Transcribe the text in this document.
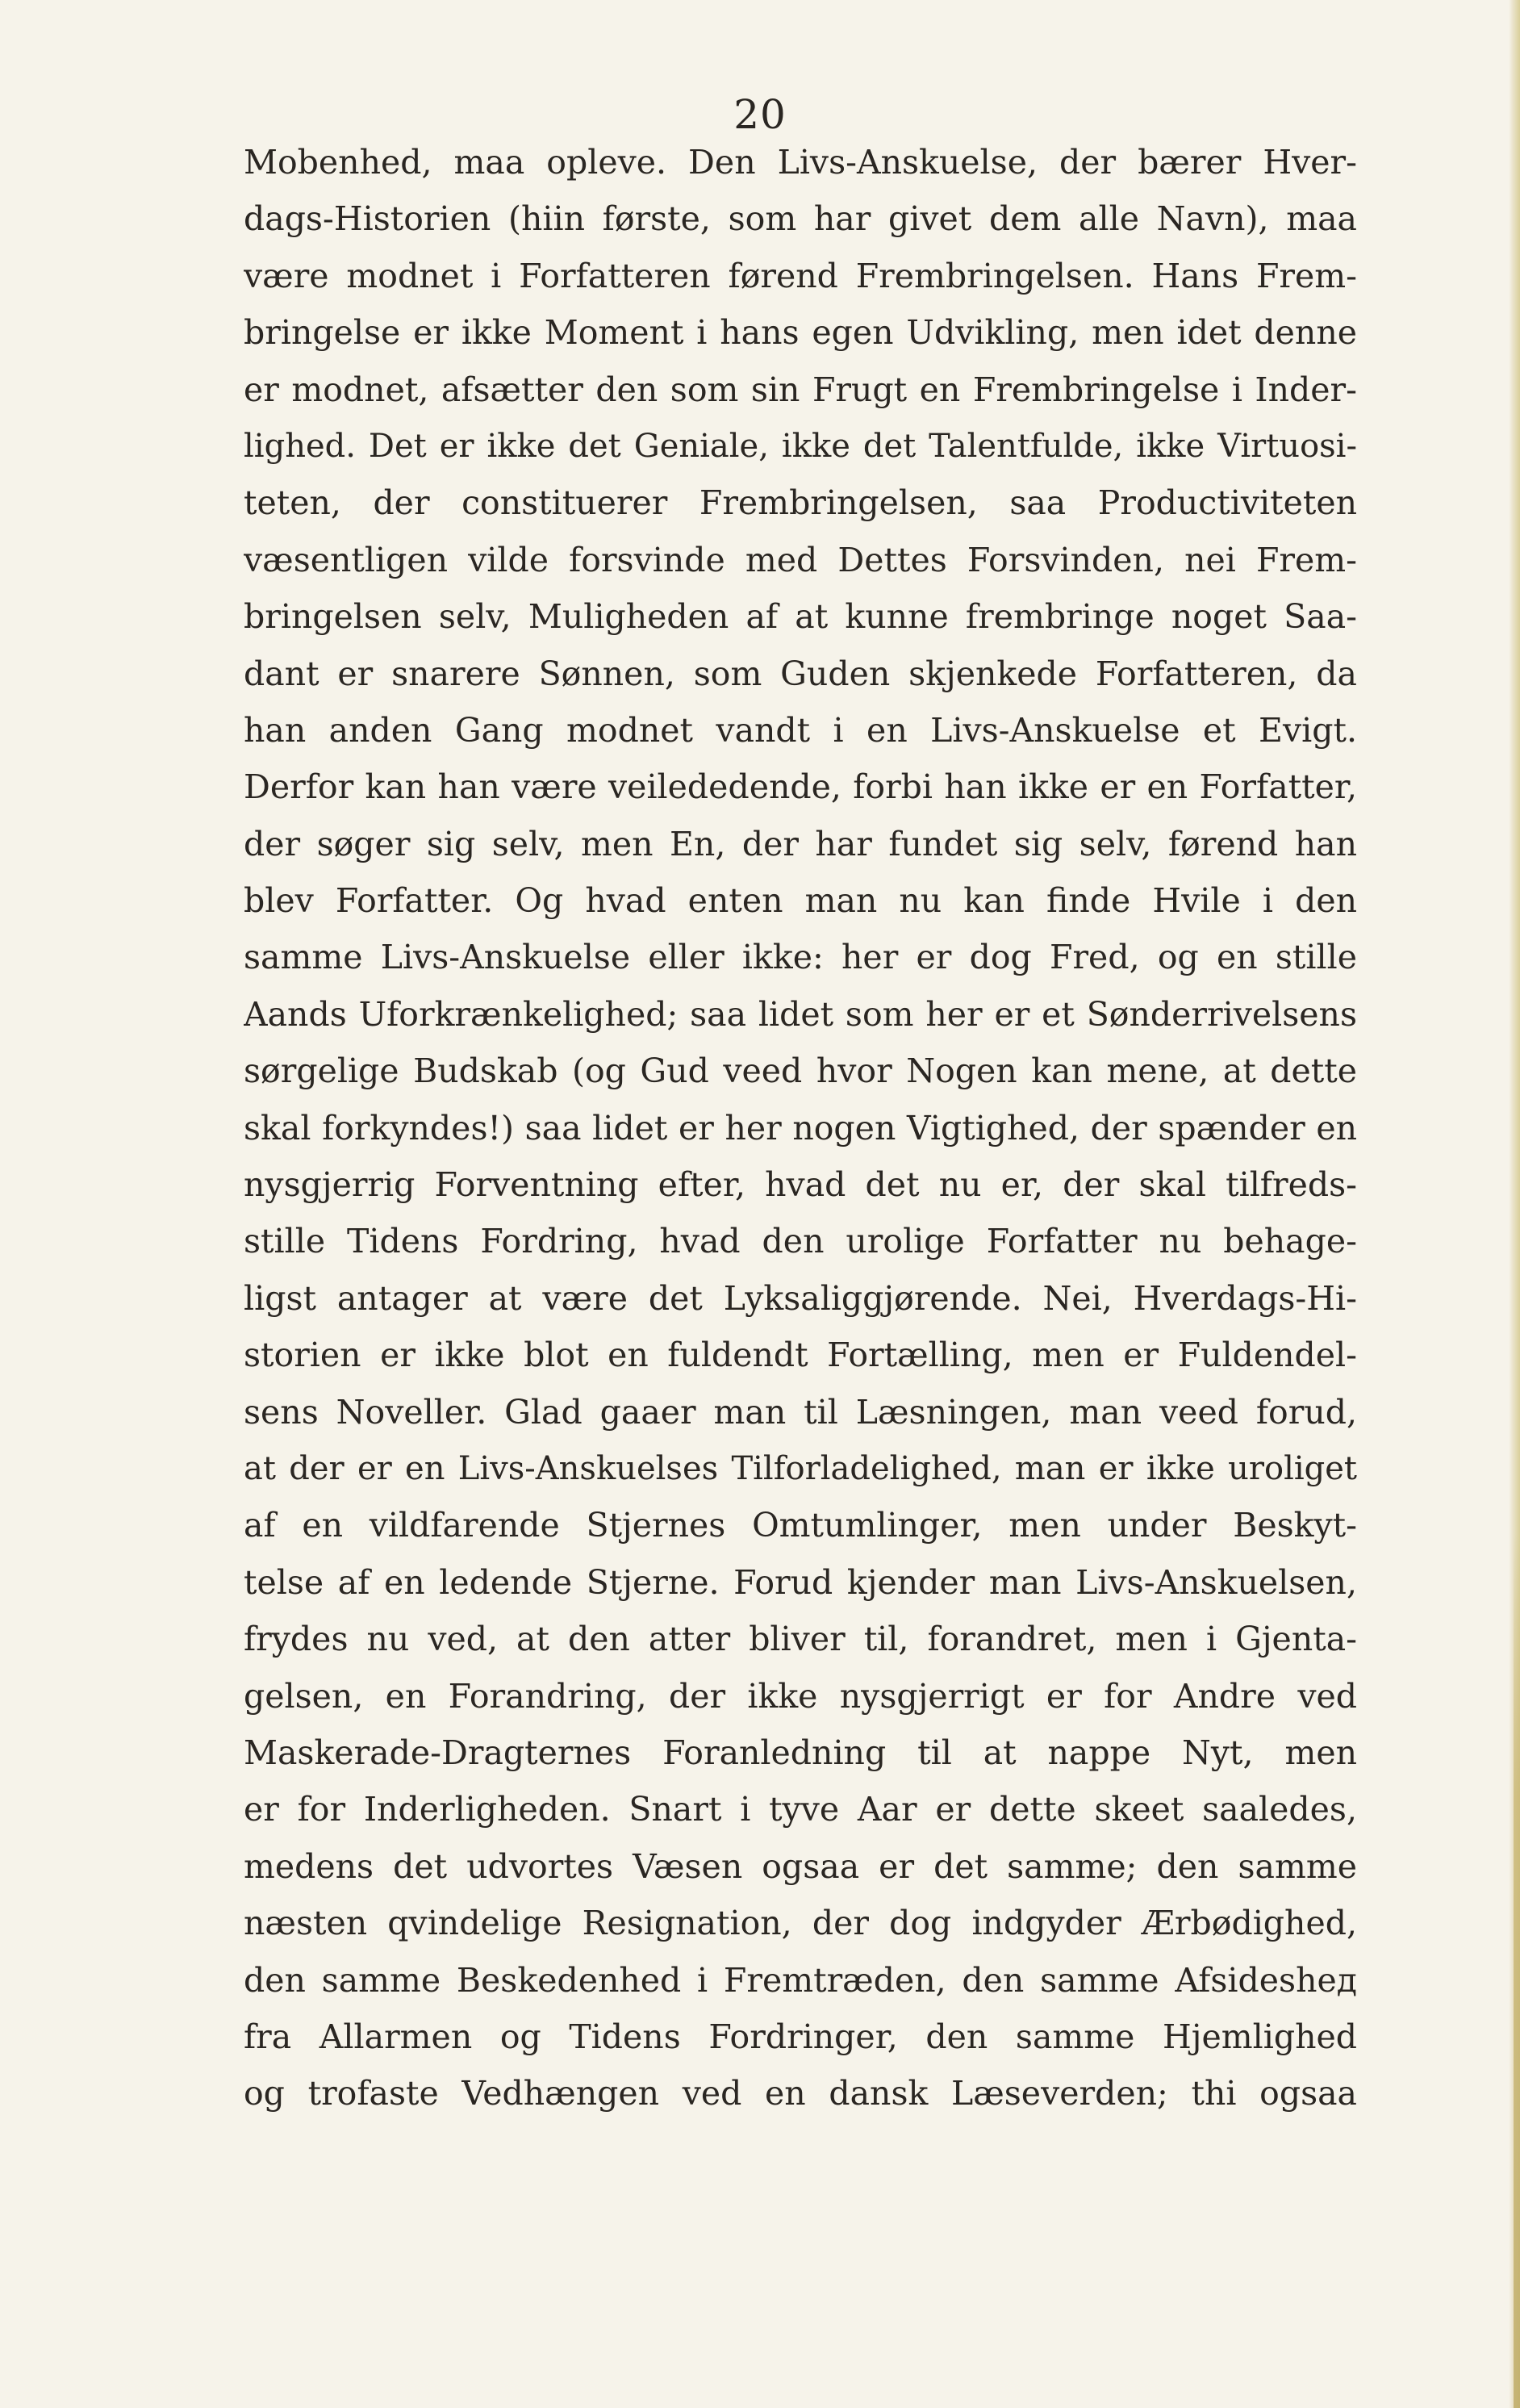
20
Mobenhed, maa opleve. Den Livs-Anskuelse, der bærer Hver-
dags-Historien (hiin første, som har givet dem alle Navn), maa
være modnet i Forfatteren førend Frembringelsen. Hans Frem-
bringelse er ikke Moment i hans egen Udvikling, men idet denne
er modnet, afsætter den som sin Frugt en Frembringelse i Inder-
lighed. Det er ikke det Geniale, ikke det Talentfulde, ikke Virtuosi-
teten, der constituerer Frembringelsen, saa Productiviteten
væsentligen vilde forsvinde med Dettes Forsvinden, nei Frem-
bringelsen selv, Muligheden af at kunne frembringe noget Saa-
dant er snarere Sønnen, som Guden skjenkede Forfatteren, da
han anden Gang modnet vandt i en Livs-Anskuelse et Evigt.
Derfor kan han være veilededende, forbi han ikke er en Forfatter,
der søger sig selv, men En, der har fundet sig selv, førend han
blev Forfatter. Og hvad enten man nu kan finde Hvile i den
samme Livs-Anskuelse eller ikke: her er dog Fred, og en stille
Aands Uforkrænkelighed; saa lidet som her er et Sønderrivelsens
sørgelige Budskab (og Gud veed hvor Nogen kan mene, at dette
skal forkyndes!) saa lidet er her nogen Vigtighed, der spænder en
nysgjerrig Forventning efter, hvad det nu er, der skal tilfreds-
stille Tidens Fordring, hvad den urolige Forfatter nu behage-
ligst antager at være det Lyksaliggjørende. Nei, Hverdags-Hi-
storien er ikke blot en fuldendt Fortælling, men er Fuldendel-
sens Noveller. Glad gaaer man til Læsningen, man veed forud,
at der er en Livs-Anskuelses Tilforladelighed, man er ikke uroliget
af en vildfarende Stjernes Omtumlinger, men under Beskyt-
telse af en ledende Stjerne. Forud kjender man Livs-Anskuelsen,
frydes nu ved, at den atter bliver til, forandret, men i Gjenta-
gelsen, en Forandring, der ikke nysgjerrigt er for Andre ved
Maskerade-Dragternes Foranledning til at nappe Nyt, men
er for Inderligheden. Snart i tyve Aar er dette skeet saaledes,
medens det udvortes Væsen ogsaa er det samme; den samme
næsten qvindelige Resignation, der dog indgyder Ærbødighed,
den samme Beskedenhed i Fremtræden, den samme Afsidesheд
fra Allarmen og Tidens Fordringer, den samme Hjemlighed
og trofaste Vedhængen ved en dansk Læsevеrden; thi ogsaa
